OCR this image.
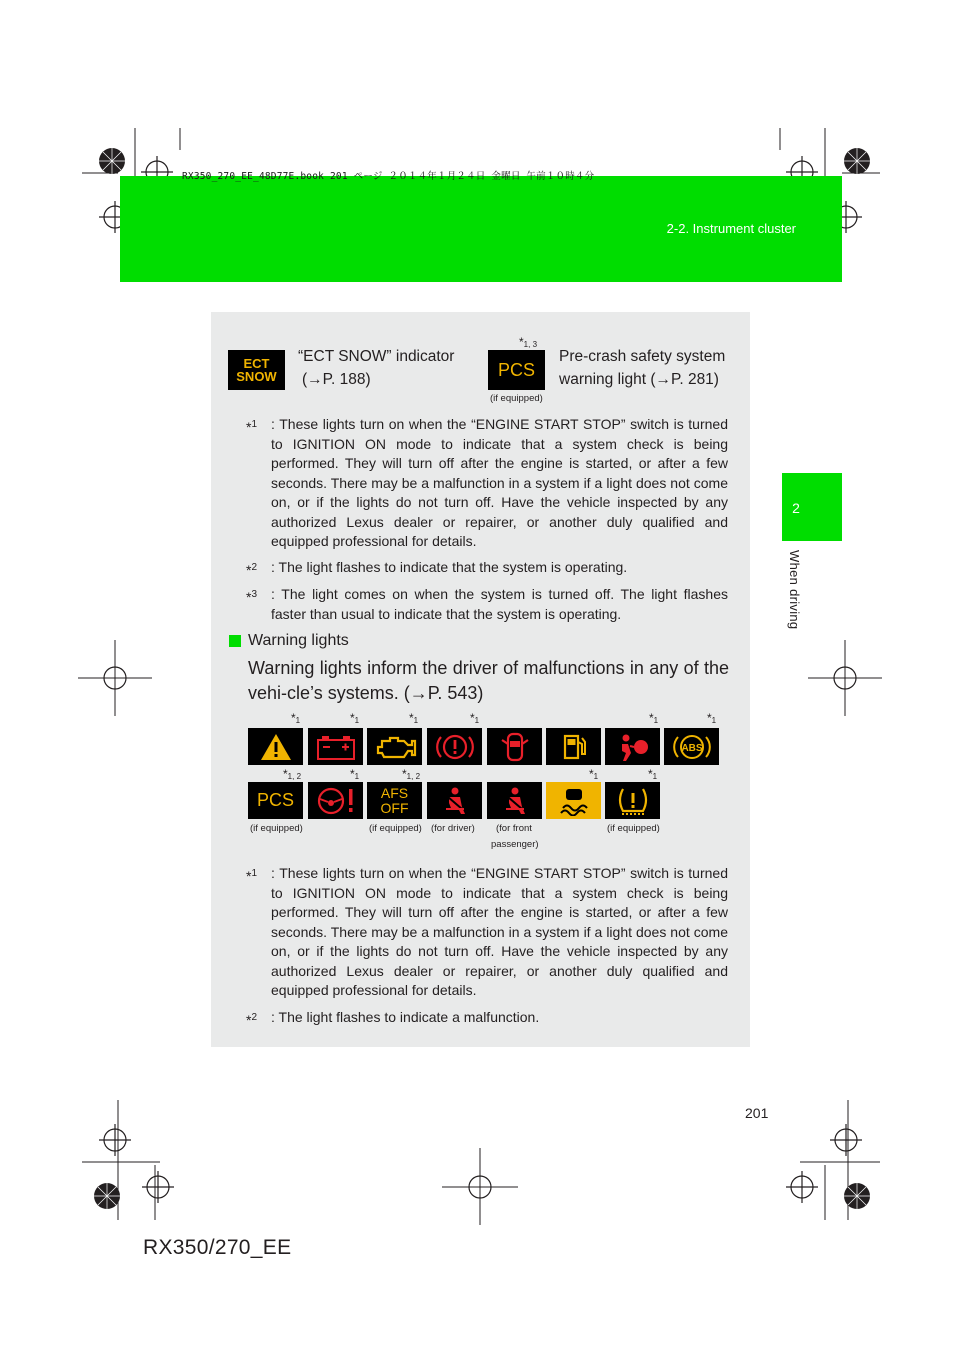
RX350_270_EE_48D77E.book 201 ページ ２０１４年１月２４日 金曜日 午前１０時４分
2-2. Instrument cluster
2
When driving
ECT
SNOW
“ECT SNOW” indicator
(→P. 188)
$*_{1, 3}$
PCS
(if equipped)
Pre-crash safety system
warning light (→P. 281)
*$^1$ : These lights turn on when the “ENGINE START STOP” switch is turned to IGNITION ON mode to indicate that a system check is being performed. They will turn off after the engine is started, or after a few seconds. There may be a malfunction in a system if a light does not come on, or if the lights do not turn off. Have the vehicle inspected by any authorized Lexus dealer or repairer, or another duly qualified and equipped professional for details.
*$^2$ : The light flashes to indicate that the system is operating.
*$^3$ : The light comes on when the system is turned off. The light flashes faster than usual to indicate that the system is operating.
Warning lights
Warning lights inform the driver of malfunctions in any of the vehi-cle’s systems. (→P. 543)
$*_1$	$*_1$	$*_1$	$*_1$	$*_1$	$*_1$
ABS
$*_{1, 2}$	$*_1$	$*_{1, 2}$	$*_1$	$*_1$
PCS	AFS
OFF
(if equipped)	(if equipped) (for driver) (for front
passenger)
(if equipped)
*$^1$ : These lights turn on when the “ENGINE START STOP” switch is turned to IGNITION ON mode to indicate that a system check is being performed. They will turn off after the engine is started, or after a few seconds. There may be a malfunction in a system if a light does not come on, or if the lights do not turn off. Have the vehicle inspected by any authorized Lexus dealer or repairer, or another duly qualified and equipped professional for details.
*$^2$ : The light flashes to indicate a malfunction.
201
RX350/270_EE
